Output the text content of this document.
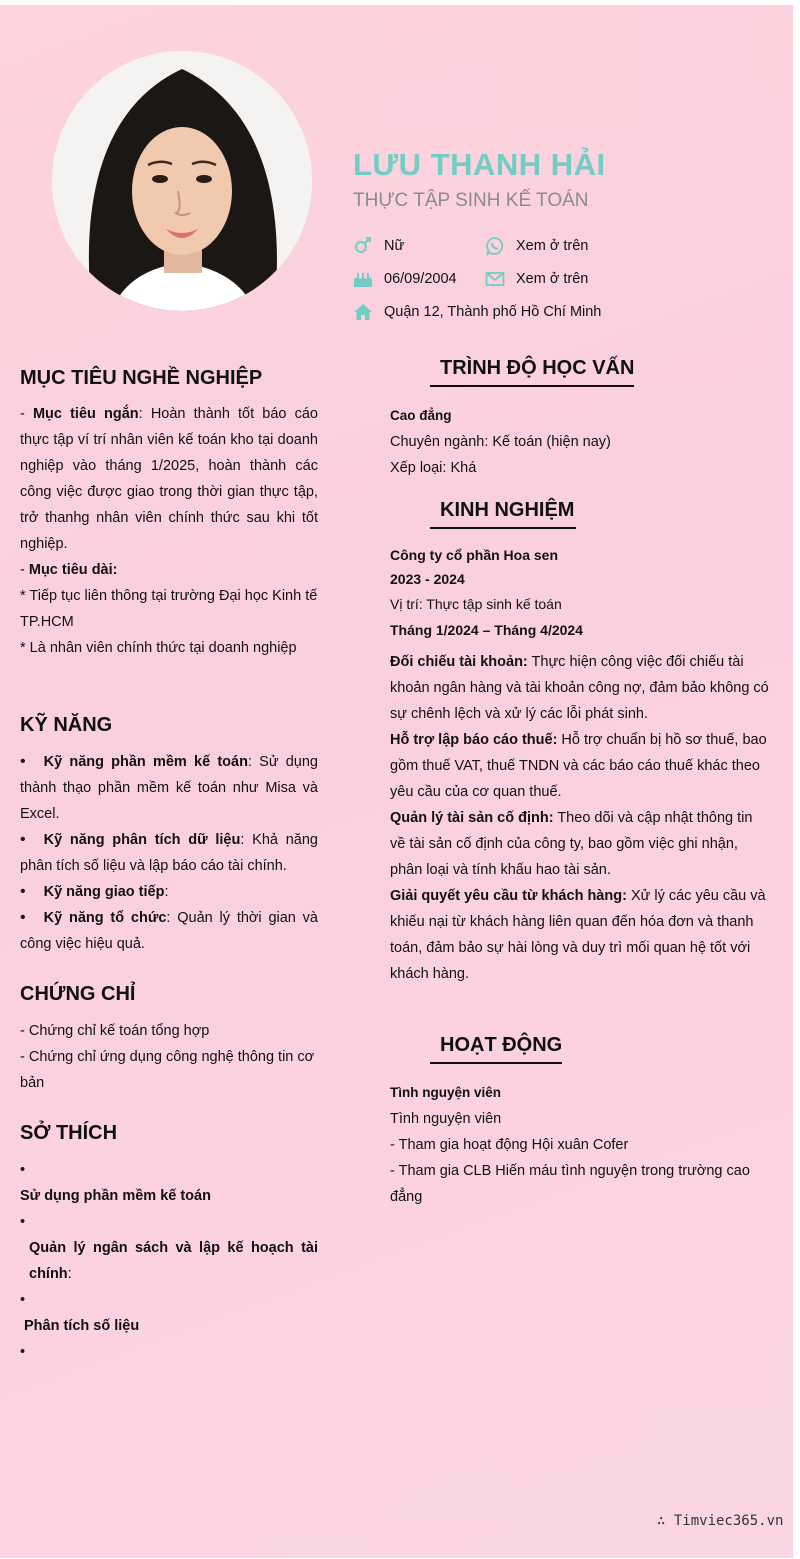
LƯU THANH HẢI
THỰC TẬP SINH KẾ TOÁN
Nữ	Xem ở trên
06/09/2004	Xem ở trên
Quận 12, Thành phố Hồ Chí Minh
MỤC TIÊU NGHỀ NGHIỆP
- Mục tiêu ngắn: Hoàn thành tốt báo cáo thực tập ví trí nhân viên kế toán kho tại doanh nghiệp vào tháng 1/2025, hoàn thành các công việc được giao trong thời gian thực tập, trở thanhg nhân viên chính thức sau khi tốt nghiệp.
- Mục tiêu dài:
* Tiếp tục liên thông tại trường Đại học Kinh tế TP.HCM
* Là nhân viên chính thức tại doanh nghiệp
KỸ NĂNG
• Kỹ năng phần mềm kế toán: Sử dụng thành thạo phần mềm kế toán như Misa và Excel.
• Kỹ năng phân tích dữ liệu: Khả năng phân tích số liệu và lập báo cáo tài chính.
• Kỹ năng giao tiếp:
• Kỹ năng tổ chức: Quản lý thời gian và công việc hiệu quả.
CHỨNG CHỈ
- Chứng chỉ kế toán tổng hợp
- Chứng chỉ ứng dụng công nghệ thông tin cơ bản
SỞ THÍCH
•
Sử dụng phần mềm kế toán
•
Quản lý ngân sách và lập kế hoạch tài chính:
•
Phân tích số liệu
•
TRÌNH ĐỘ HỌC VẤN
Cao đẳng
Chuyên ngành: Kế toán (hiện nay)
Xếp loại: Khá
KINH NGHIỆM
Công ty cổ phần Hoa sen
2023 - 2024
Vị trí: Thực tập sinh kế toán
Tháng 1/2024 – Tháng 4/2024
Đối chiếu tài khoản: Thực hiện công việc đối chiếu tài khoản ngân hàng và tài khoản công nợ, đảm bảo không có sự chênh lệch và xử lý các lỗi phát sinh.
Hỗ trợ lập báo cáo thuế: Hỗ trợ chuẩn bị hồ sơ thuế, bao gồm thuế VAT, thuế TNDN và các báo cáo thuế khác theo yêu cầu của cơ quan thuế.
Quản lý tài sản cố định: Theo dõi và cập nhật thông tin về tài sản cố định của công ty, bao gồm việc ghi nhận, phân loại và tính khấu hao tài sản.
Giải quyết yêu cầu từ khách hàng: Xử lý các yêu cầu và khiếu nại từ khách hàng liên quan đến hóa đơn và thanh toán, đảm bảo sự hài lòng và duy trì mối quan hệ tốt với khách hàng.
HOẠT ĐỘNG
Tình nguyện viên
Tình nguyện viên
- Tham gia hoạt động Hội xuân Cofer
- Tham gia CLB Hiến máu tình nguyện trong trường cao đẳng
∴ Timviec365.vn
